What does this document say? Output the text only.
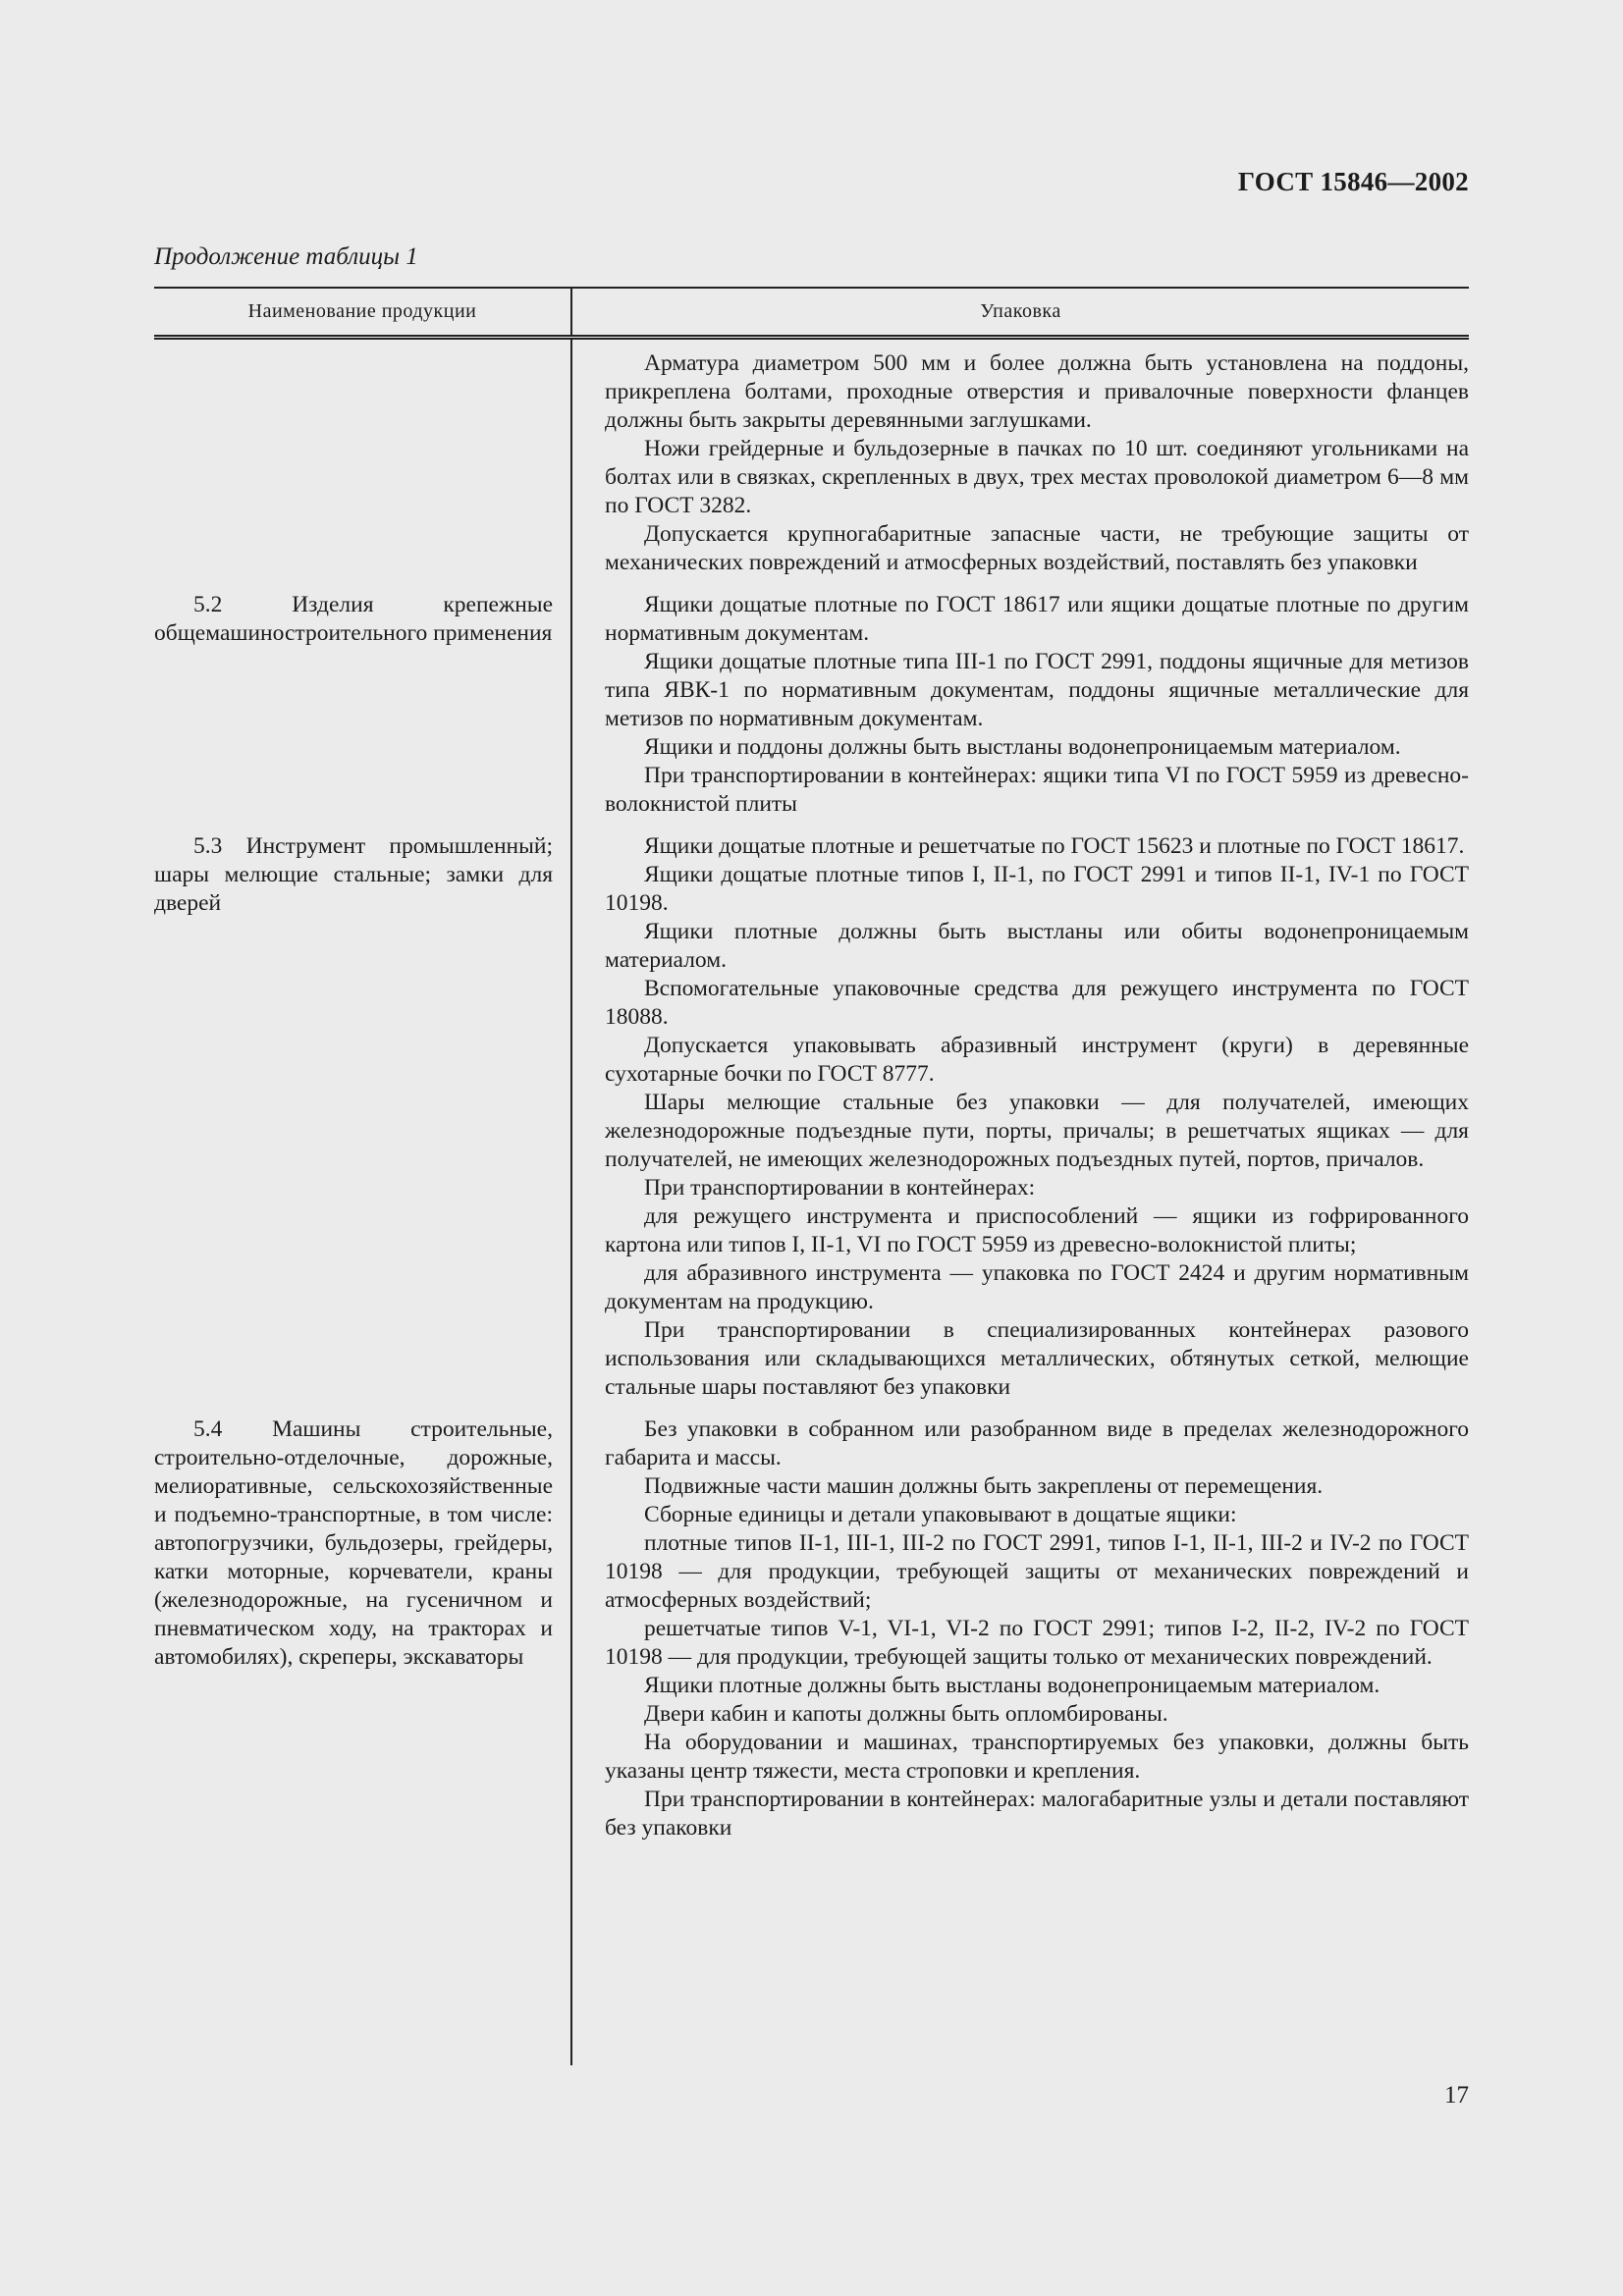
ГОСТ 15846—2002
Продолжение таблицы 1
Наименование продукции	Упаковка

Арматура диаметром 500 мм и более должна быть установлена на поддоны, прикреплена болтами, проходные отверстия и привалочные поверхности фланцев должны быть закрыты деревянными заглушками.

Ножи грейдерные и бульдозерные в пачках по 10 шт. соединяют угольниками на болтах или в связках, скрепленных в двух, трех местах проволокой диаметром 6—8 мм по ГОСТ 3282.

Допускается крупногабаритные запасные части, не требующие защиты от механических повреждений и атмосферных воздействий, поставлять без упаковки

5.2 Изделия крепежные общемашиностроительного применения

Ящики дощатые плотные по ГОСТ 18617 или ящики дощатые плотные по другим нормативным документам.

Ящики дощатые плотные типа III-1 по ГОСТ 2991, поддоны ящичные для метизов типа ЯВК-1 по нормативным документам, поддоны ящичные металлические для метизов по нормативным документам.

Ящики и поддоны должны быть выстланы водонепроницаемым материалом.

При транспортировании в контейнерах: ящики типа VI по ГОСТ 5959 из древесно-волокнистой плиты

5.3 Инструмент промышленный; шары мелющие стальные; замки для дверей

Ящики дощатые плотные и решетчатые по ГОСТ 15623 и плотные по ГОСТ 18617.

Ящики дощатые плотные типов I, II-1, по ГОСТ 2991 и типов II-1, IV-1 по ГОСТ 10198.

Ящики плотные должны быть выстланы или обиты водонепроницаемым материалом.

Вспомогательные упаковочные средства для режущего инструмента по ГОСТ 18088.

Допускается упаковывать абразивный инструмент (круги) в деревянные сухотарные бочки по ГОСТ 8777.

Шары мелющие стальные без упаковки — для получателей, имеющих железнодорожные подъездные пути, порты, причалы; в решетчатых ящиках — для получателей, не имеющих железнодорожных подъездных путей, портов, причалов.

При транспортировании в контейнерах:

для режущего инструмента и приспособлений — ящики из гофрированного картона или типов I, II-1, VI по ГОСТ 5959 из древесно-волокнистой плиты;

для абразивного инструмента — упаковка по ГОСТ 2424 и другим нормативным документам на продукцию.

При транспортировании в специализированных контейнерах разового использования или складывающихся металлических, обтянутых сеткой, мелющие стальные шары поставляют без упаковки

5.4 Машины строительные, строительно-отделочные, дорожные, мелиоративные, сельскохозяйственные и подъемно-транспортные, в том числе: автопогрузчики, бульдозеры, грейдеры, катки моторные, корчеватели, краны (железнодорожные, на гусеничном и пневматическом ходу, на тракторах и автомобилях), скреперы, экскаваторы

Без упаковки в собранном или разобранном виде в пределах железнодорожного габарита и массы.

Подвижные части машин должны быть закреплены от перемещения.

Сборные единицы и детали упаковывают в дощатые ящики:

плотные типов II-1, III-1, III-2 по ГОСТ 2991, типов I-1, II-1, III-2 и IV-2 по ГОСТ 10198 — для продукции, требующей защиты от механических повреждений и атмосферных воздействий;

решетчатые типов V-1, VI-1, VI-2 по ГОСТ 2991; типов I-2, II-2, IV-2 по ГОСТ 10198 — для продукции, требующей защиты только от механических повреждений.

Ящики плотные должны быть выстланы водонепроницаемым материалом.

Двери кабин и капоты должны быть опломбированы.

На оборудовании и машинах, транспортируемых без упаковки, должны быть указаны центр тяжести, места строповки и крепления.

При транспортировании в контейнерах: малогабаритные узлы и детали поставляют без упаковки

17
